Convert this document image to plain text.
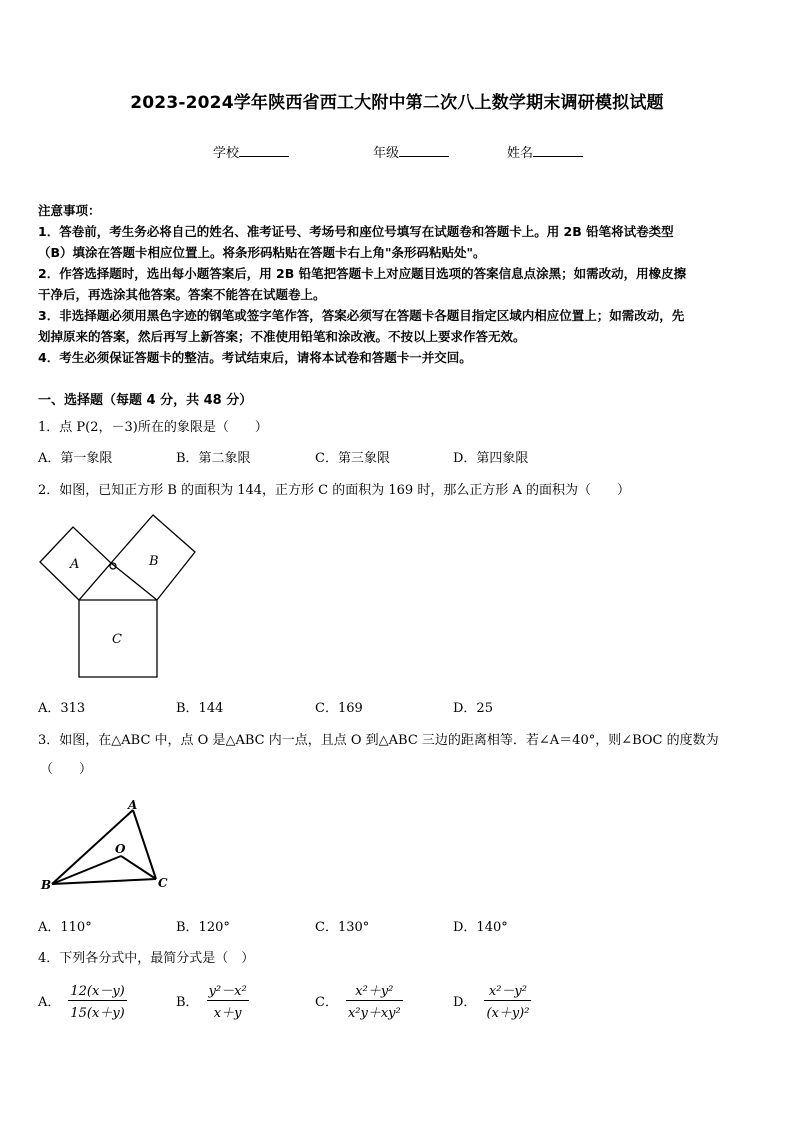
2023-2024学年陕西省西工大附中第二次八上数学期末调研模拟试题
学校	年级	姓名
注意事项：
1．答卷前，考生务必将自己的姓名、准考证号、考场号和座位号填写在试题卷和答题卡上。用 2B 铅笔将试卷类型
（B）填涂在答题卡相应位置上。将条形码粘贴在答题卡右上角"条形码粘贴处"。
2．作答选择题时，选出每小题答案后，用 2B 铅笔把答题卡上对应题目选项的答案信息点涂黑；如需改动，用橡皮擦
干净后，再选涂其他答案。答案不能答在试题卷上。
3．非选择题必须用黑色字迹的钢笔或签字笔作答，答案必须写在答题卡各题目指定区域内相应位置上；如需改动，先
划掉原来的答案，然后再写上新答案；不准使用铅笔和涂改液。不按以上要求作答无效。
4．考生必须保证答题卡的整洁。考试结束后，请将本试卷和答题卡一并交回。
一、选择题（每题 4 分，共 48 分）
1．点 P(2，－3)所在的象限是（　　）
A．第一象限	B．第二象限	C．第三象限	D．第四象限
2．如图，已知正方形 B 的面积为 144，正方形 C 的面积为 169 时，那么正方形 A 的面积为（　　）
A	B
C
A．313	B．144	C．169	D．25
3．如图，在△ABC 中，点 O 是△ABC 内一点，且点 O 到△ABC 三边的距离相等．若∠A＝40°，则∠BOC 的度数为
（　　）
A
O
B	C
A．110°	B．120°	C．130°	D．140°
4．下列各分式中，最简分式是（　）
A． $\frac{12(x-y)}{15(x+y)}$	B． $\frac{\text{y²－x²}}{x+y}$	C． $\frac{\text{x²＋y²}}{\text{x²y＋xy²}}$	D． $\frac{\text{x²－y²}}{\text{(x＋y)²}}$
